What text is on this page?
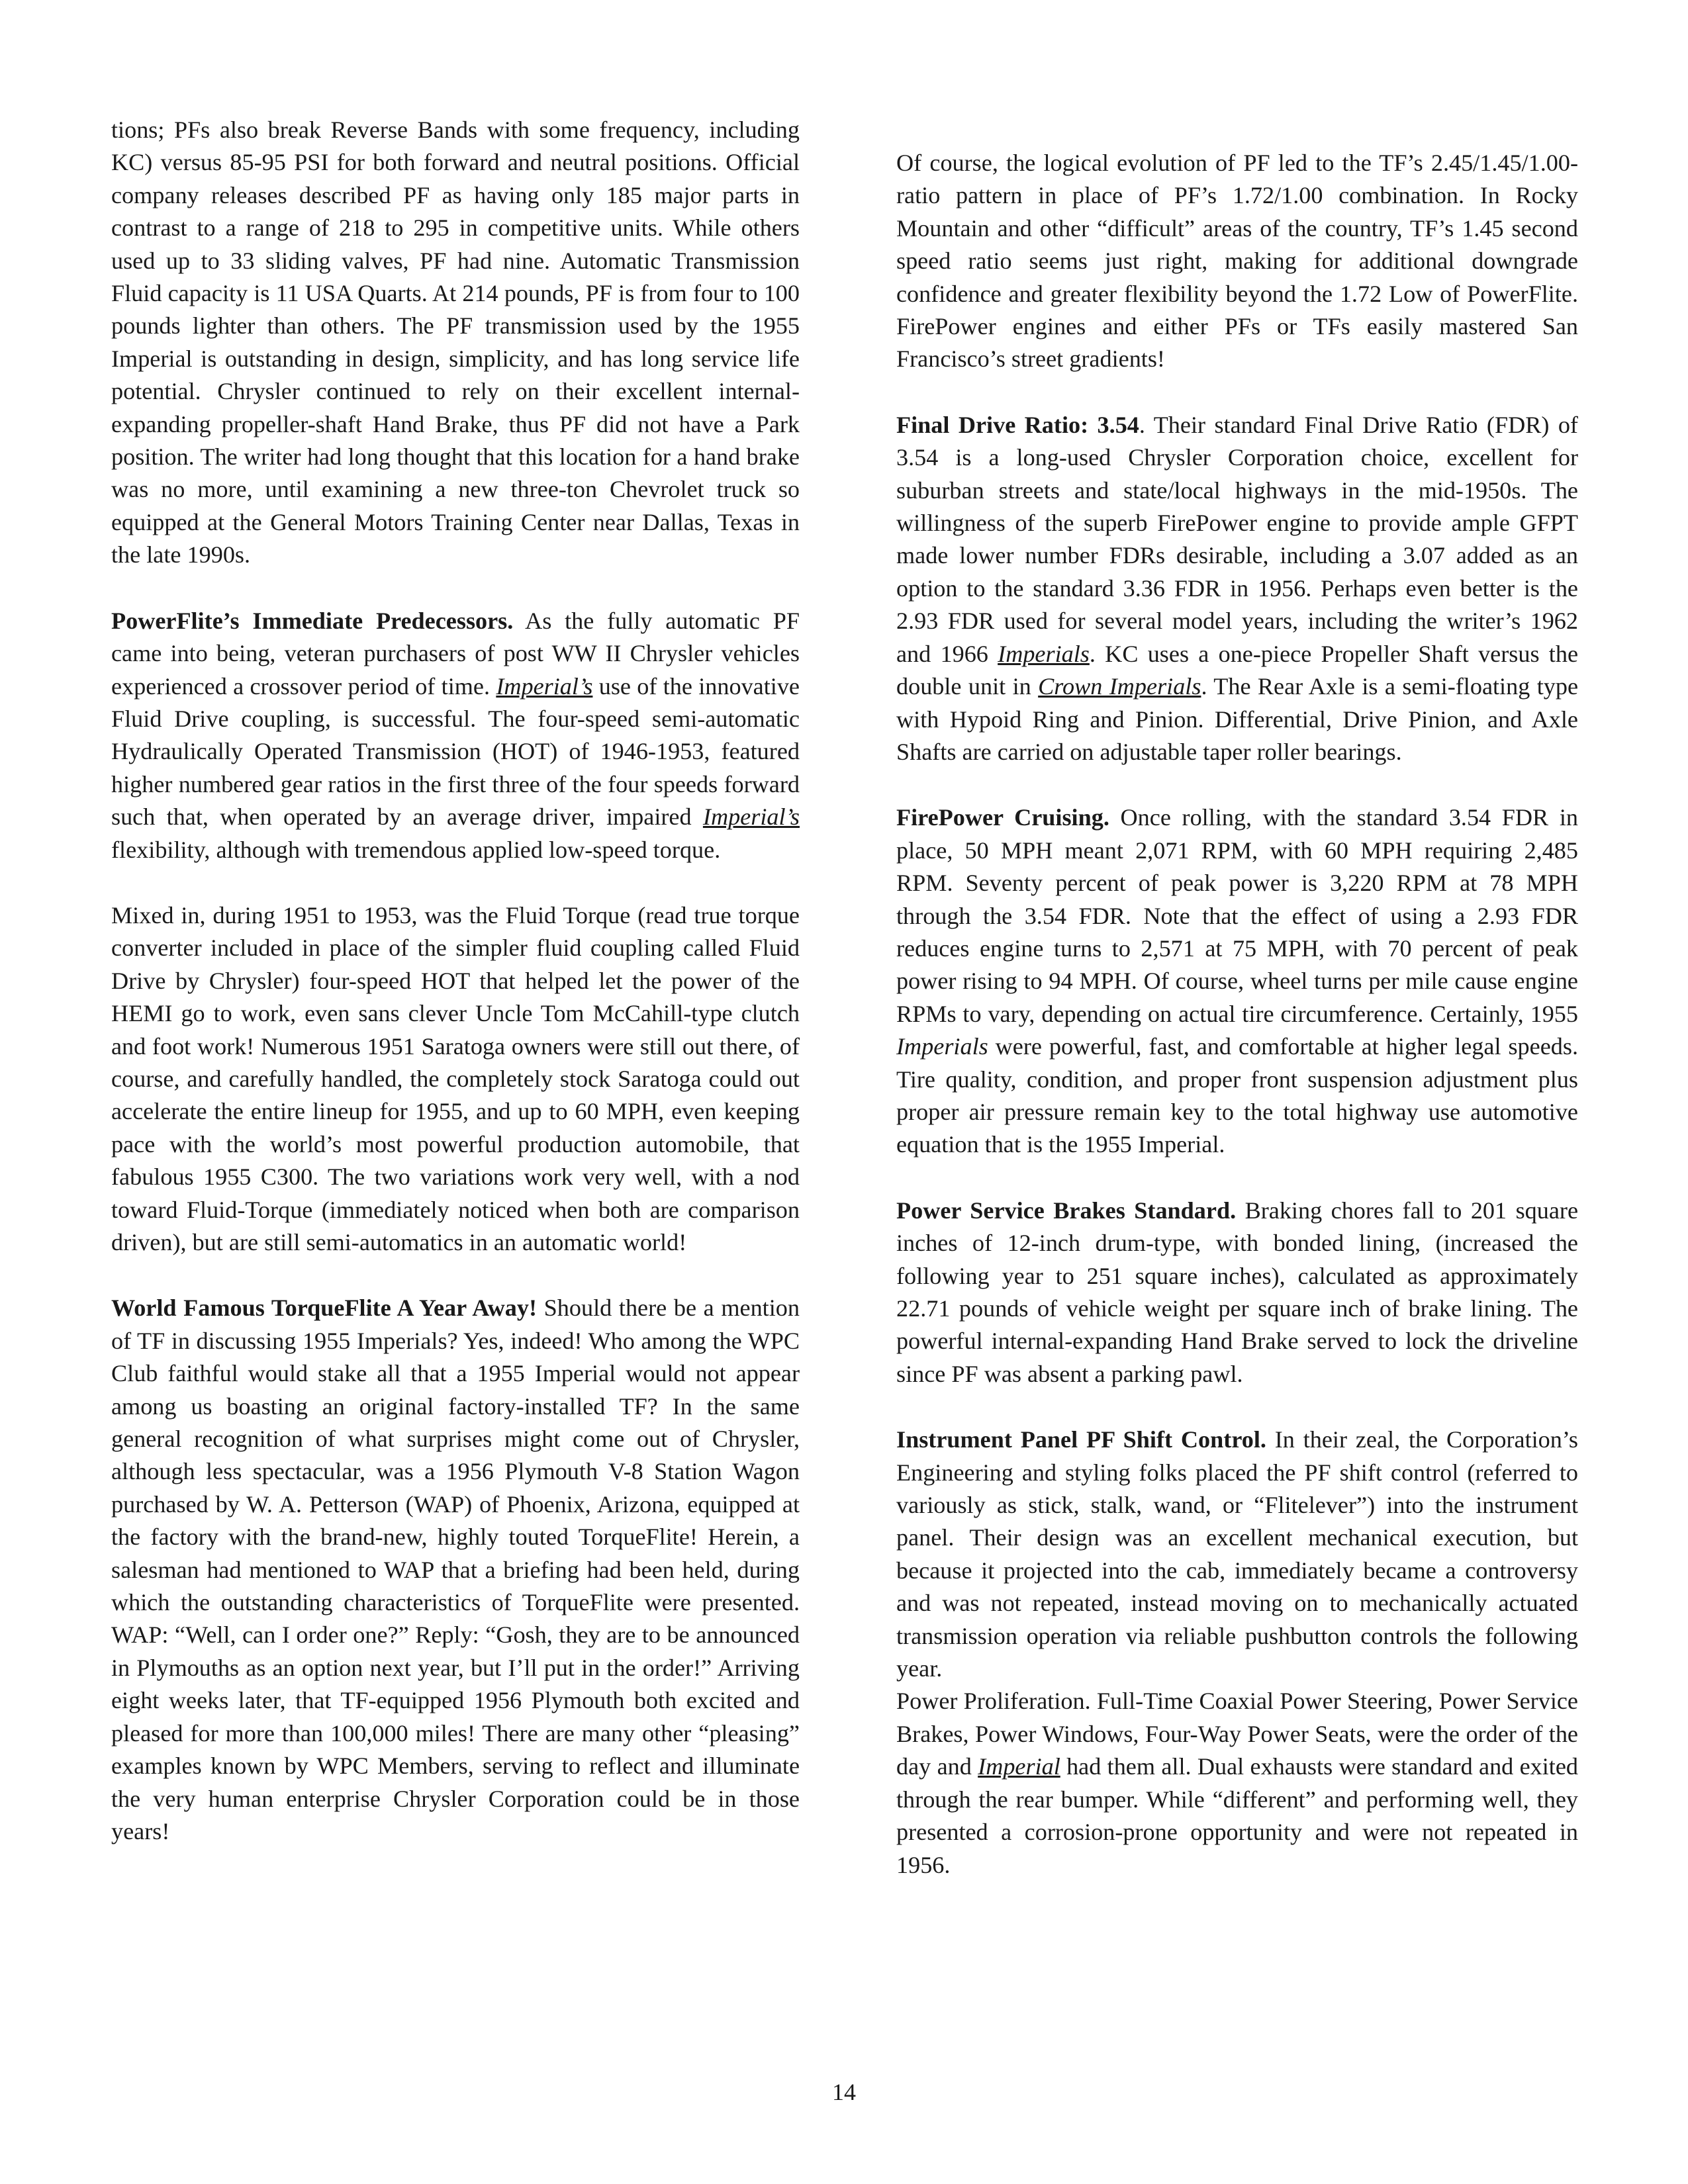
tions; PFs also break Reverse Bands with some frequency, including KC) versus 85-95 PSI for both forward and neutral positions. Official company releases described PF as having only 185 major parts in contrast to a range of 218 to 295 in competitive units. While others used up to 33 sliding valves, PF had nine. Automatic Transmission Fluid capacity is 11 USA Quarts. At 214 pounds, PF is from four to 100 pounds lighter than others. The PF transmission used by the 1955 Imperial is outstanding in design, simplicity, and has long service life potential. Chrysler continued to rely on their excellent internal-expanding propeller-shaft Hand Brake, thus PF did not have a Park position. The writer had long thought that this location for a hand brake was no more, until examining a new three-ton Chevrolet truck so equipped at the General Motors Training Center near Dallas, Texas in the late 1990s.

PowerFlite’s Immediate Predecessors. As the fully automatic PF came into being, veteran purchasers of post WW II Chrysler vehicles experienced a crossover period of time. Imperial’s use of the innovative Fluid Drive coupling, is successful. The four-speed semi-automatic Hydraulically Operated Transmission (HOT) of 1946-1953, featured higher numbered gear ratios in the first three of the four speeds forward such that, when operated by an average driver, impaired Imperial’s flexibility, although with tremendous applied low-speed torque.

Mixed in, during 1951 to 1953, was the Fluid Torque (read true torque converter included in place of the simpler fluid coupling called Fluid Drive by Chrysler) four-speed HOT that helped let the power of the HEMI go to work, even sans clever Uncle Tom McCahill-type clutch and foot work! Numerous 1951 Saratoga owners were still out there, of course, and carefully handled, the completely stock Saratoga could out accelerate the entire lineup for 1955, and up to 60 MPH, even keeping pace with the world’s most powerful production automobile, that fabulous 1955 C300. The two variations work very well, with a nod toward Fluid-Torque (immediately noticed when both are comparison driven), but are still semi-automatics in an automatic world!

World Famous TorqueFlite A Year Away! Should there be a mention of TF in discussing 1955 Imperials? Yes, indeed! Who among the WPC Club faithful would stake all that a 1955 Imperial would not appear among us boasting an original factory-installed TF? In the same general recognition of what surprises might come out of Chrysler, although less spectacular, was a 1956 Plymouth V-8 Station Wagon purchased by W. A. Petterson (WAP) of Phoenix, Arizona, equipped at the factory with the brand-new, highly touted TorqueFlite! Herein, a salesman had mentioned to WAP that a briefing had been held, during which the outstanding characteristics of TorqueFlite were presented. WAP: “Well, can I order one?” Reply: “Gosh, they are to be announced in Plymouths as an option next year, but I’ll put in the order!” Arriving eight weeks later, that TF-equipped 1956 Plymouth both excited and pleased for more than 100,000 miles! There are many other “pleasing” examples known by WPC Members, serving to reflect and illuminate the very human enterprise Chrysler Corporation could be in those years!

Of course, the logical evolution of PF led to the TF’s 2.45/1.45/1.00-ratio pattern in place of PF’s 1.72/1.00 combination. In Rocky Mountain and other “difficult” areas of the country, TF’s 1.45 second speed ratio seems just right, making for additional downgrade confidence and greater flexibility beyond the 1.72 Low of PowerFlite. FirePower engines and either PFs or TFs easily mastered San Francisco’s street gradients!

Final Drive Ratio: 3.54. Their standard Final Drive Ratio (FDR) of 3.54 is a long-used Chrysler Corporation choice, excellent for suburban streets and state/local highways in the mid-1950s. The willingness of the superb FirePower engine to provide ample GFPT made lower number FDRs desirable, including a 3.07 added as an option to the standard 3.36 FDR in 1956. Perhaps even better is the 2.93 FDR used for several model years, including the writer’s 1962 and 1966 Imperials. KC uses a one-piece Propeller Shaft versus the double unit in Crown Imperials. The Rear Axle is a semi-floating type with Hypoid Ring and Pinion. Differential, Drive Pinion, and Axle Shafts are carried on adjustable taper roller bearings.

FirePower Cruising. Once rolling, with the standard 3.54 FDR in place, 50 MPH meant 2,071 RPM, with 60 MPH requiring 2,485 RPM. Seventy percent of peak power is 3,220 RPM at 78 MPH through the 3.54 FDR. Note that the effect of using a 2.93 FDR reduces engine turns to 2,571 at 75 MPH, with 70 percent of peak power rising to 94 MPH. Of course, wheel turns per mile cause engine RPMs to vary, depending on actual tire circumference. Certainly, 1955 Imperials were powerful, fast, and comfortable at higher legal speeds. Tire quality, condition, and proper front suspension adjustment plus proper air pressure remain key to the total highway use automotive equation that is the 1955 Imperial.

Power Service Brakes Standard. Braking chores fall to 201 square inches of 12-inch drum-type, with bonded lining, (increased the following year to 251 square inches), calculated as approximately 22.71 pounds of vehicle weight per square inch of brake lining. The powerful internal-expanding Hand Brake served to lock the driveline since PF was absent a parking pawl.

Instrument Panel PF Shift Control. In their zeal, the Corporation’s Engineering and styling folks placed the PF shift control (referred to variously as stick, stalk, wand, or “Flitelever”) into the instrument panel. Their design was an excellent mechanical execution, but because it projected into the cab, immediately became a controversy and was not repeated, instead moving on to mechanically actuated transmission operation via reliable pushbutton controls the following year.

Power Proliferation. Full-Time Coaxial Power Steering, Power Service Brakes, Power Windows, Four-Way Power Seats, were the order of the day and Imperial had them all. Dual exhausts were standard and exited through the rear bumper. While “different” and performing well, they presented a corrosion-prone opportunity and were not repeated in 1956.

14
